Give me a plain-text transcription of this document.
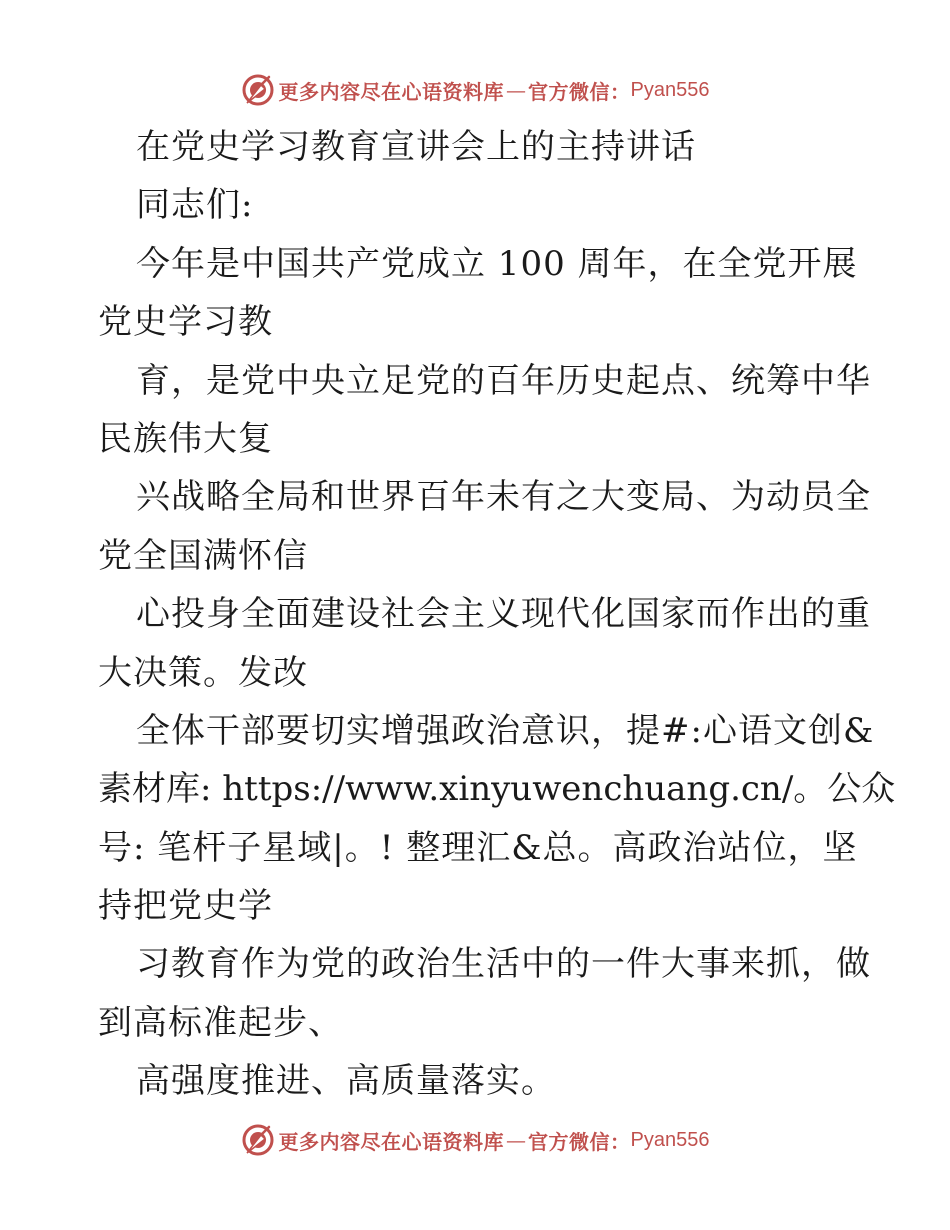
更多内容尽在心语资料库 — 官方微信： Pyan556
在党史学习教育宣讲会上的主持讲话
同志们:
今年是中国共产党成立 100 周年，在全党开展
党史学习教
育，是党中央立足党的百年历史起点、统筹中华
民族伟大复
兴战略全局和世界百年未有之大变局、为动员全
党全国满怀信
心投身全面建设社会主义现代化国家而作出的重
大决策。发改
全体干部要切实增强政治意识，提#:心语文创&
素材库: https://www.xinyuwenchuang.cn/。公众
号: 笔杆子星域|。! 整理汇&总。高政治站位，坚
持把党史学
习教育作为党的政治生活中的一件大事来抓，做
到高标准起步、
高强度推进、高质量落实。
更多内容尽在心语资料库 — 官方微信： Pyan556
